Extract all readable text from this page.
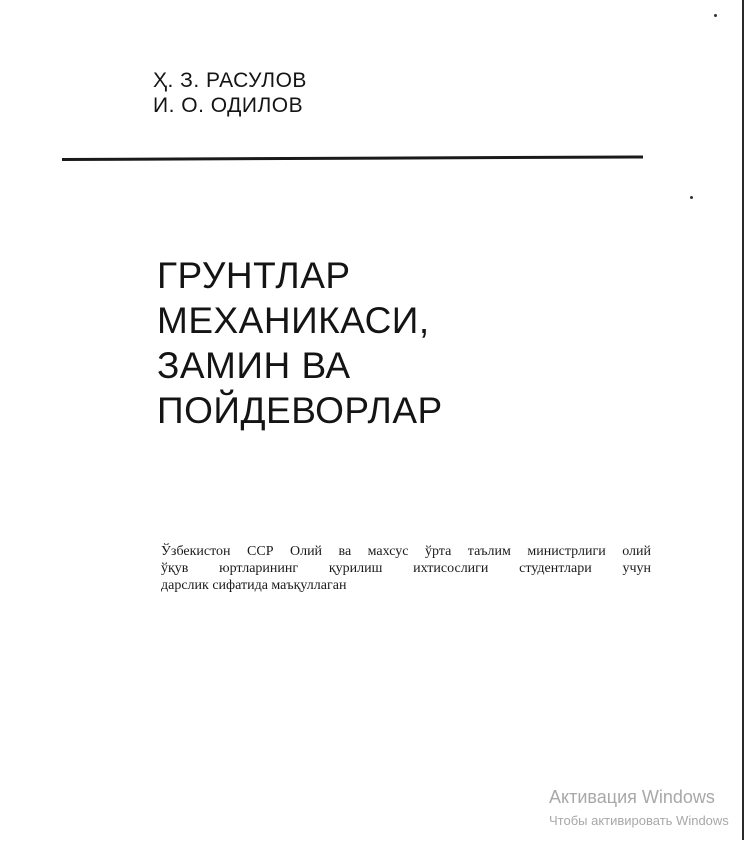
Ҳ. З. РАСУЛОВ
И. О. ОДИЛОВ
ГРУНТЛАР
МЕХАНИКАСИ,
ЗАМИН ВА
ПОЙДЕВОРЛАР
Ўзбекистон ССР Олий ва махсус ўрта таълим министрлиги олий
ўқув юртларининг қурилиш ихтисослиги студентлари учун
дарслик сифатида маъқуллаган
Активация Windows
Чтобы активировать Windows
